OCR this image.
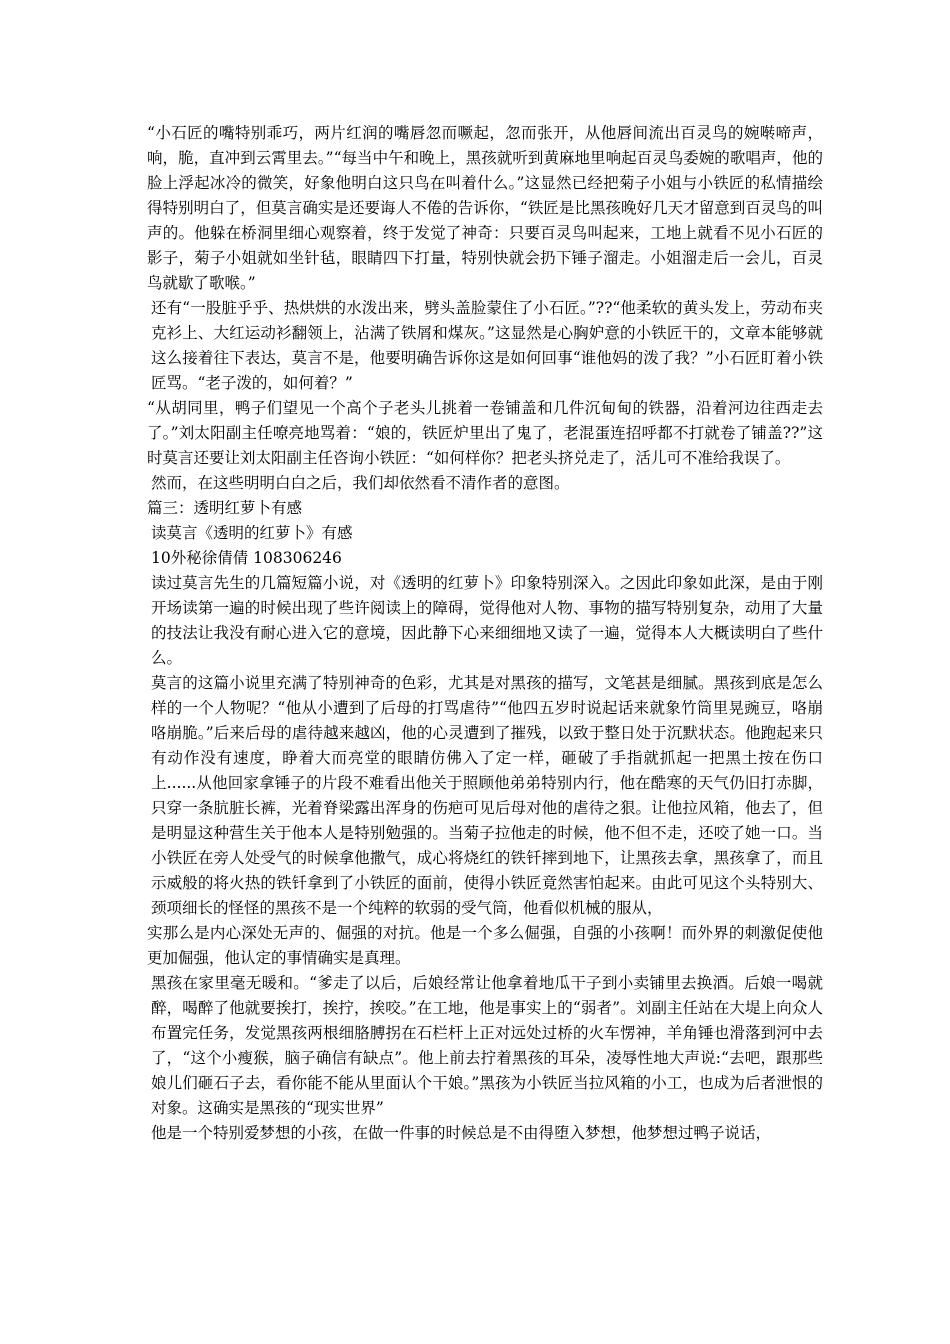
“小石匠的嘴特别乖巧，两片红润的嘴唇忽而噘起，忽而张开，从他唇间流出百灵鸟的婉啭啼声，响，脆，直冲到云霄里去。”“每当中午和晚上，黑孩就听到黄麻地里响起百灵鸟委婉的歌唱声，他的脸上浮起冰冷的微笑，好象他明白这只鸟在叫着什么。”这显然已经把菊子小姐与小铁匠的私情描绘得特别明白了，但莫言确实是还要诲人不倦的告诉你，“铁匠是比黑孩晚好几天才留意到百灵鸟的叫声的。他躲在桥洞里细心观察着，终于发觉了神奇：只要百灵鸟叫起来，工地上就看不见小石匠的影子，菊子小姐就如坐针毡，眼睛四下打量，特别快就会扔下锤子溜走。小姐溜走后一会儿，百灵鸟就歇了歌喉。”

还有“一股脏乎乎、热烘烘的水泼出来，劈头盖脸蒙住了小石匠。”??“他柔软的黄头发上，劳动布夹克衫上、大红运动衫翻领上，沾满了铁屑和煤灰。”这显然是心胸妒意的小铁匠干的，文章本能够就这么接着往下表达，莫言不是，他要明确告诉你这是如何回事“谁他妈的泼了我？”小石匠盯着小铁匠骂。“老子泼的，如何着？”

“从胡同里，鸭子们望见一个高个子老头儿挑着一卷铺盖和几件沉甸甸的铁器，沿着河边往西走去了。”刘太阳副主任嘹亮地骂着：“娘的，铁匠炉里出了鬼了，老混蛋连招呼都不打就卷了铺盖??”这时莫言还要让刘太阳副主任咨询小铁匠：“如何样你？把老头挤兑走了，活儿可不准给我误了。

然而，在这些明明白白之后，我们却依然看不清作者的意图。

篇三：透明红萝卜有感

读莫言《透明的红萝卜》有感

10外秘徐倩倩 108306246

读过莫言先生的几篇短篇小说，对《透明的红萝卜》印象特别深入。之因此印象如此深，是由于刚开场读第一遍的时候出现了些许阅读上的障碍，觉得他对人物、事物的描写特别复杂，动用了大量的技法让我没有耐心进入它的意境，因此静下心来细细地又读了一遍，觉得本人大概读明白了些什么。

莫言的这篇小说里充满了特别神奇的色彩，尤其是对黑孩的描写，文笔甚是细腻。黑孩到底是怎么样的一个人物呢？“他从小遭到了后母的打骂虐待”“他四五岁时说起话来就象竹筒里晃豌豆，咯崩咯崩脆。”后来后母的虐待越来越凶，他的心灵遭到了摧残，以致于整日处于沉默状态。他跑起来只有动作没有速度，睁着大而亮堂的眼睛仿佛入了定一样，砸破了手指就抓起一把黑土按在伤口上......从他回家拿锤子的片段不难看出他关于照顾他弟弟特别内行，他在酷寒的天气仍旧打赤脚，只穿一条肮脏长裤，光着脊梁露出浑身的伤疤可见后母对他的虐待之狠。让他拉风箱，他去了，但是明显这种营生关于他本人是特别勉强的。当菊子拉他走的时候，他不但不走，还咬了她一口。当小铁匠在旁人处受气的时候拿他撒气，成心将烧红的铁钎摔到地下，让黑孩去拿，黑孩拿了，而且示威般的将火热的铁钎拿到了小铁匠的面前，使得小铁匠竟然害怕起来。由此可见这个头特别大、颈项细长的怪怪的黑孩不是一个纯粹的软弱的受气筒，他看似机械的服从，

实那么是内心深处无声的、倔强的对抗。他是一个多么倔强，自强的小孩啊！而外界的刺激促使他更加倔强，他认定的事情确实是真理。

黑孩在家里毫无暖和。“爹走了以后，后娘经常让他拿着地瓜干子到小卖铺里去换酒。后娘一喝就醉，喝醉了他就要挨打，挨拧，挨咬。”在工地，他是事实上的“弱者”。刘副主任站在大堤上向众人布置完任务，发觉黑孩两根细胳膊拐在石栏杆上正对远处过桥的火车愣神，羊角锤也滑落到河中去了，“这个小瘦猴，脑子确信有缺点”。他上前去拧着黑孩的耳朵，凌辱性地大声说:“去吧，跟那些娘儿们砸石子去，看你能不能从里面认个干娘。”黑孩为小铁匠当拉风箱的小工，也成为后者泄恨的对象。这确实是黑孩的“现实世界”

他是一个特别爱梦想的小孩，在做一件事的时候总是不由得堕入梦想，他梦想过鸭子说话，
